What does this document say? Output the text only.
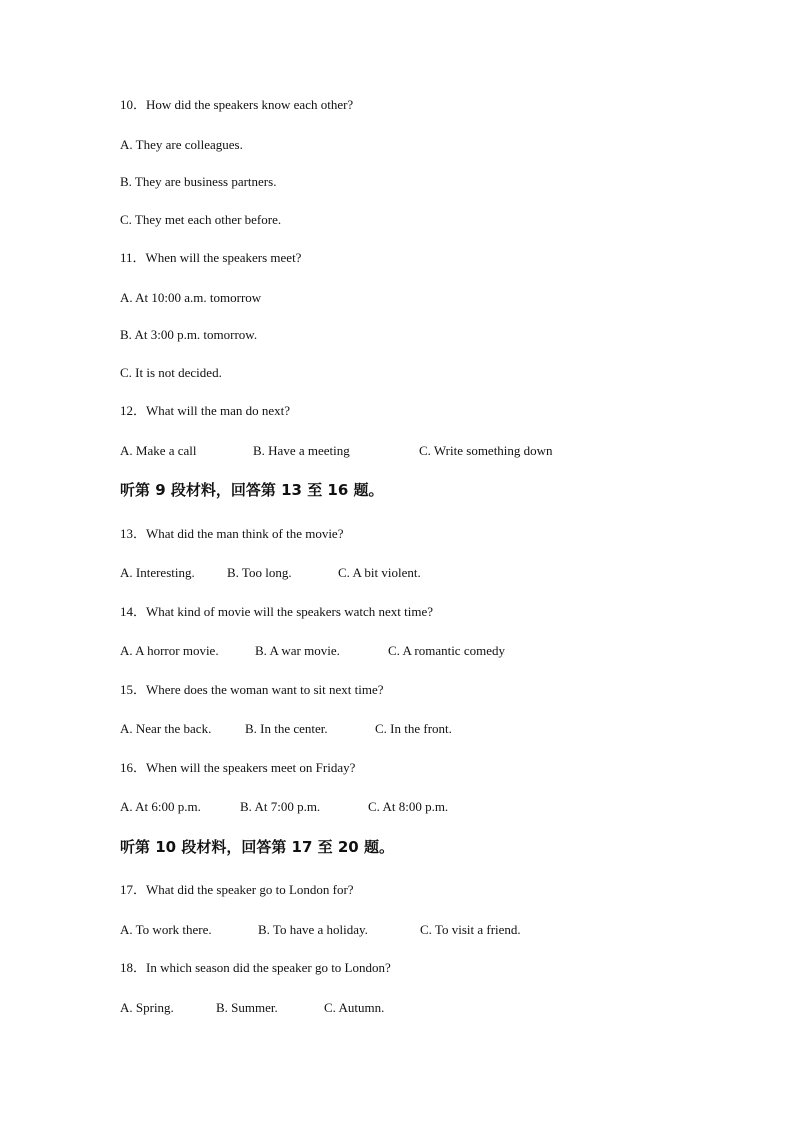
10．How did the speakers know each other?
A. They are colleagues.
B. They are business partners.
C. They met each other before.
11．When will the speakers meet?
A. At 10:00 a.m. tomorrow
B. At 3:00 p.m. tomorrow.
C. It is not decided.
12．What will the man do next?
A. Make a call	B. Have a meeting	C. Write something down
听第 9 段材料，回答第 13 至 16 题。
13．What did the man think of the movie?
A. Interesting. B. Too long.	C. A bit violent.
14．What kind of movie will the speakers watch next time?
A. A horror movie.	B. A war movie.	C. A romantic comedy
15．Where does the woman want to sit next time?
A. Near the back.	B. In the center.	C. In the front.
16．When will the speakers meet on Friday?
A. At 6:00 p.m.	B. At 7:00 p.m.	C. At 8:00 p.m.
听第 10 段材料，回答第 17 至 20 题。
17．What did the speaker go to London for?
A. To work there.	B. To have a holiday.	C. To visit a friend.
18．In which season did the speaker go to London?
A. Spring.	B. Summer.	C. Autumn.
